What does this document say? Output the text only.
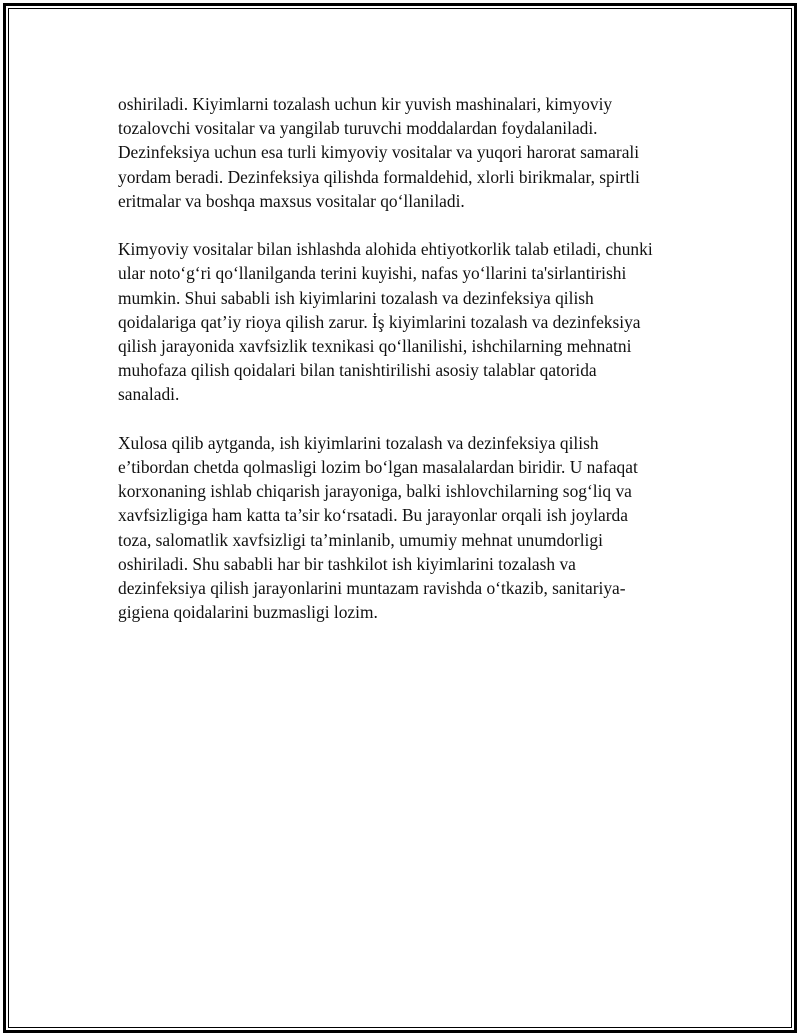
oshiriladi. Kiyimlarni tozalash uchun kir yuvish mashinalari, kimyoviy
tozalovchi vositalar va yangilab turuvchi moddalardan foydalaniladi.
Dezinfeksiya uchun esa turli kimyoviy vositalar va yuqori harorat samarali
yordam beradi. Dezinfeksiya qilishda formaldehid, xlorli birikmalar, spirtli
eritmalar va boshqa maxsus vositalar qo‘llaniladi.

Kimyoviy vositalar bilan ishlashda alohida ehtiyotkorlik talab etiladi, chunki
ular noto‘g‘ri qo‘llanilganda terini kuyishi, nafas yo‘llarini ta'sirlantirishi
mumkin. Shui sababli ish kiyimlarini tozalash va dezinfeksiya qilish
qoidalariga qat’iy rioya qilish zarur. İş kiyimlarini tozalash va dezinfeksiya
qilish jarayonida xavfsizlik texnikasi qo‘llanilishi, ishchilarning mehnatni
muhofaza qilish qoidalari bilan tanishtirilishi asosiy talablar qatorida
sanaladi.

Xulosa qilib aytganda, ish kiyimlarini tozalash va dezinfeksiya qilish
e’tibordan chetda qolmasligi lozim bo‘lgan masalalardan biridir. U nafaqat
korxonaning ishlab chiqarish jarayoniga, balki ishlovchilarning sog‘liq va
xavfsizligiga ham katta ta’sir ko‘rsatadi. Bu jarayonlar orqali ish joylarda
toza, salomatlik xavfsizligi ta’minlanib, umumiy mehnat unumdorligi
oshiriladi. Shu sababli har bir tashkilot ish kiyimlarini tozalash va
dezinfeksiya qilish jarayonlarini muntazam ravishda o‘tkazib, sanitariya-
gigiena qoidalarini buzmasligi lozim.
